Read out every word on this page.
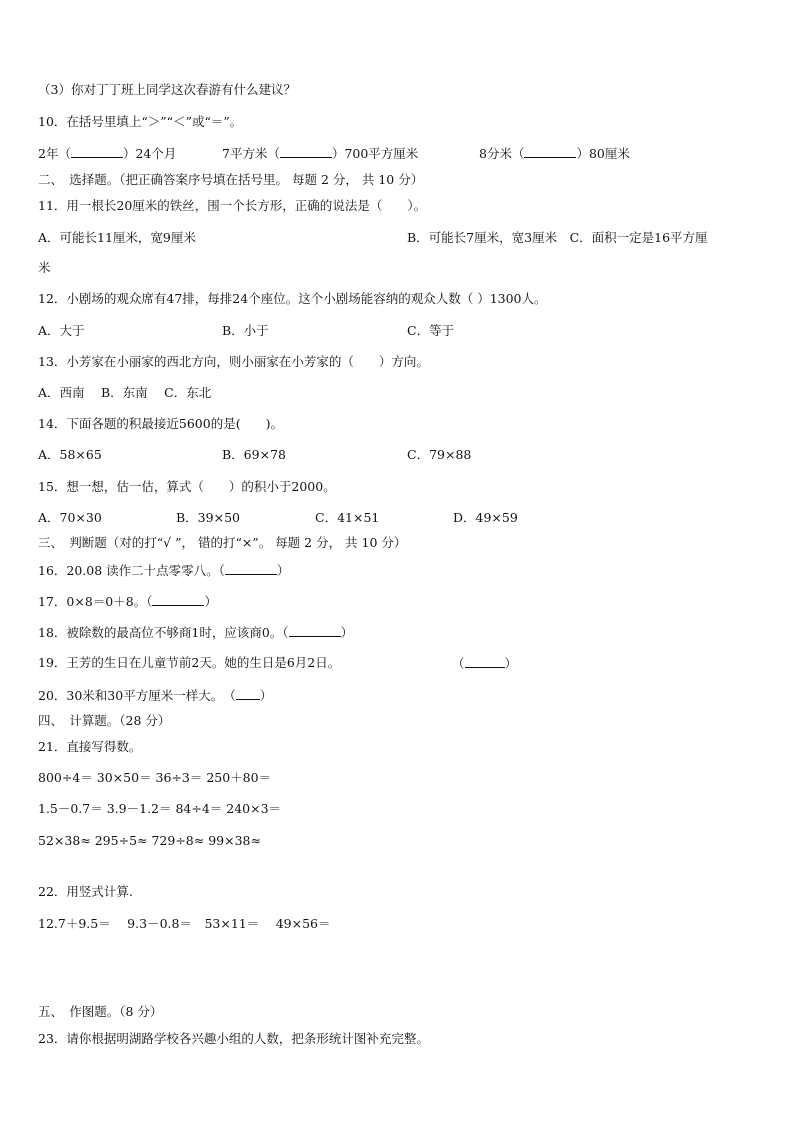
（3）你对丁丁班上同学这次春游有什么建议？
10．在括号里填上“＞”“＜”或“＝”。
2年（	）24个月	7平方米（	）700平方厘米	8分米（	）80厘米
二、　选择题。（把正确答案序号填在括号里。 每题 2 分， 共 10 分）
11．用一根长20厘米的铁丝，围一个长方形，正确的说法是（　　）。
A．可能长11厘米，宽9厘米	B．可能长7厘米，宽3厘米　C．面积一定是16平方厘
米
12．小剧场的观众席有47排，每排24个座位。这个小剧场能容纳的观众人数（ ）1300人。
A．大于	B．小于	C．等于
13．小芳家在小丽家的西北方向，则小丽家在小芳家的（　　）方向。
A．西南　 B．东南　 C．东北
14．下面各题的积最接近5600的是(　　)。
A．58×65	B．69×78	C．79×88
15．想一想，估一估，算式（　　）的积小于2000。
A．70×30	B．39×50	C．41×51	D．49×59
三、　判断题（对的打“√ ”， 错的打“×”。 每题 2 分， 共 10 分）
16．20.08 读作二十点零零八。（	）
17．0×8＝0＋8。（	）
18．被除数的最高位不够商1时，应该商0。（	）
19．王芳的生日在儿童节前2天。她的生日是6月2日。	（	）
20．30米和30平方厘米一样大。　（ ）
四、　计算题。（28 分）
21．直接写得数。
800÷4＝ 30×50＝ 36÷3＝ 250＋80＝
1.5－0.7＝ 3.9－1.2＝ 84÷4＝ 240×3＝
52×38≈ 295÷5≈ 729÷8≈ 99×38≈
22．用竖式计算.
12.7＋9.5＝　 9.3－0.8＝　53×11＝　 49×56＝
五、　作图题。（8 分）
23．请你根据明湖路学校各兴趣小组的人数，把条形统计图补充完整。
